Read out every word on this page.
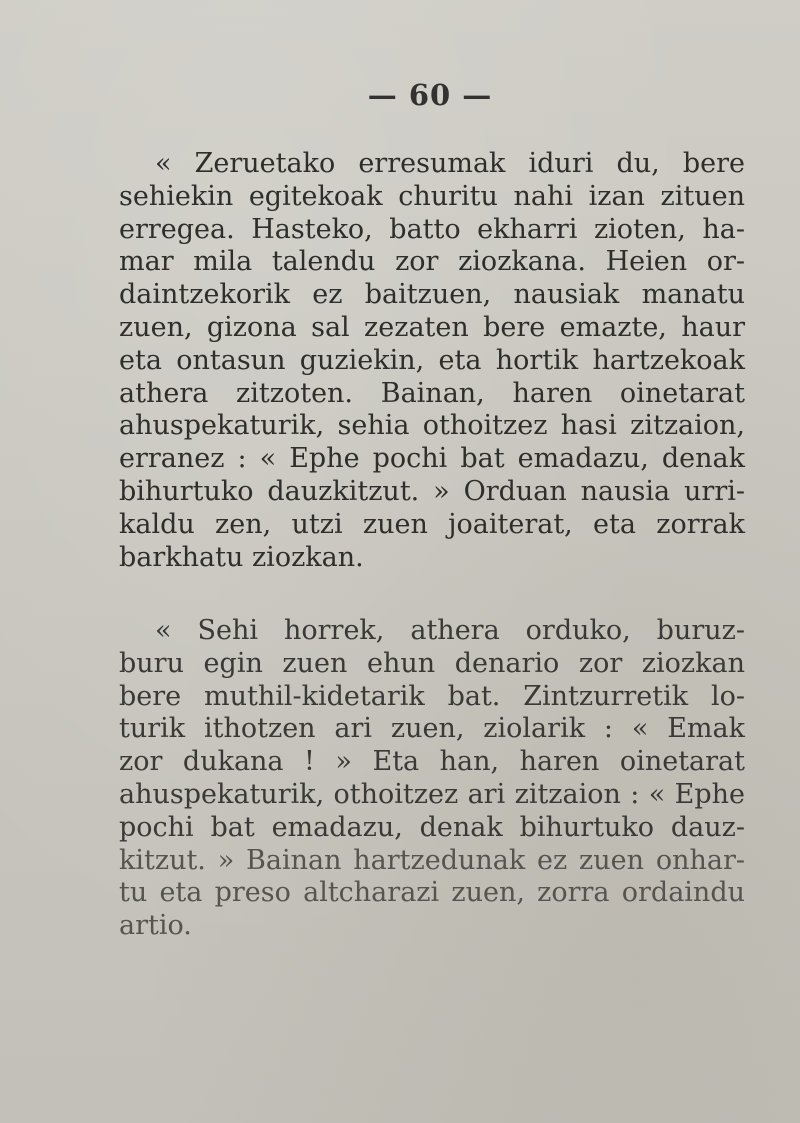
— 60 —
« Zeruetako erresumak iduri du, bere
sehiekin egitekoak churitu nahi izan zituen
erregea. Hasteko, batto ekharri zioten, ha-
mar mila talendu zor ziozkana. Heien or-
daintzekorik ez baitzuen, nausiak manatu
zuen, gizona sal zezaten bere emazte, haur
eta ontasun guziekin, eta hortik hartzekoak
athera zitzoten. Bainan, haren oinetarat
ahuspekaturik, sehia othoitzez hasi zitzaion,
erranez : « Ephe pochi bat emadazu, denak
bihurtuko dauzkitzut. » Orduan nausia urri-
kaldu zen, utzi zuen joaiterat, eta zorrak
barkhatu ziozkan.
« Sehi horrek, athera orduko, buruz-
buru egin zuen ehun denario zor ziozkan
bere muthil-kidetarik bat. Zintzurretik lo-
turik ithotzen ari zuen, ziolarik : « Emak
zor dukana ! » Eta han, haren oinetarat
ahuspekaturik, othoitzez ari zitzaion : « Ephe
pochi bat emadazu, denak bihurtuko dauz-
kitzut. » Bainan hartzedunak ez zuen onhar-
tu eta preso altcharazi zuen, zorra ordaindu
artio.
